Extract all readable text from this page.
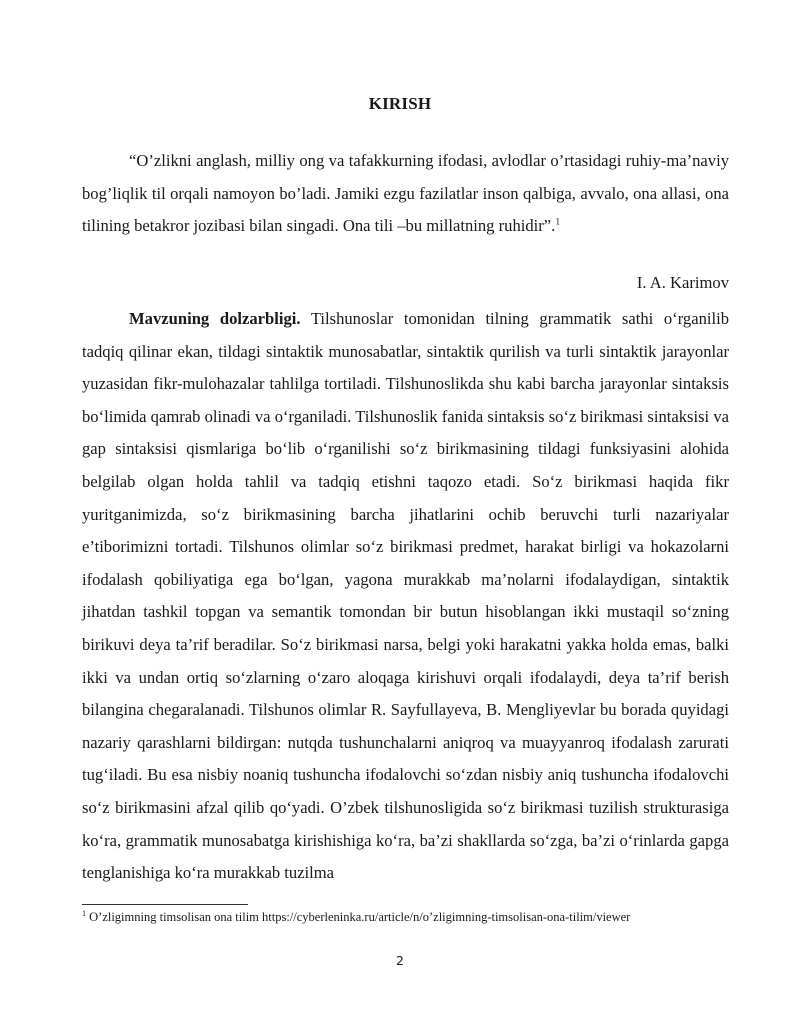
KIRISH

“O’zlikni anglash, milliy ong va tafakkurning ifodasi, avlodlar o’rtasidagi ruhiy-ma’naviy bog’liqlik til orqali namoyon bo’ladi. Jamiki ezgu fazilatlar inson qalbiga, avvalo, ona allasi, ona tilining betakror jozibasi bilan singadi. Ona tili –bu millatning ruhidir”.$^1$

I. A. Karimov

Mavzuning dolzarbligi. Tilshunoslar tomonidan tilning grammatik sathi o‘rganilib tadqiq qilinar ekan, tildagi sintaktik munosabatlar, sintaktik qurilish va turli sintaktik jarayonlar yuzasidan fikr-mulohazalar tahlilga tortiladi. Tilshunoslikda shu kabi barcha jarayonlar sintaksis bo‘limida qamrab olinadi va o‘rganiladi. Tilshunoslik fanida sintaksis so‘z birikmasi sintaksisi va gap sintaksisi qismlariga bo‘lib o‘rganilishi so‘z birikmasining tildagi funksiyasini alohida belgilab olgan holda tahlil va tadqiq etishni taqozo etadi. So‘z birikmasi haqida fikr yuritganimizda, so‘z birikmasining barcha jihatlarini ochib beruvchi turli nazariyalar e’tiborimizni tortadi. Tilshunos olimlar so‘z birikmasi predmet, harakat birligi va hokazolarni ifodalash qobiliyatiga ega bo‘lgan, yagona murakkab ma’nolarni ifodalaydigan, sintaktik jihatdan tashkil topgan va semantik tomondan bir butun hisoblangan ikki mustaqil so‘zning birikuvi deya ta’rif beradilar. So‘z birikmasi narsa, belgi yoki harakatni yakka holda emas, balki ikki va undan ortiq so‘zlarning o‘zaro aloqaga kirishuvi orqali ifodalaydi, deya ta’rif berish bilangina chegaralanadi. Tilshunos olimlar R. Sayfullayeva, B. Mengliyevlar bu borada quyidagi nazariy qarashlarni bildirgan: nutqda tushunchalarni aniqroq va muayyanroq ifodalash zarurati tug‘iladi. Bu esa nisbiy noaniq tushuncha ifodalovchi so‘zdan nisbiy aniq tushuncha ifodalovchi so‘z birikmasini afzal qilib qo‘yadi. O’zbek tilshunosligida so‘z birikmasi tuzilish strukturasiga ko‘ra, grammatik munosabatga kirishishiga ko‘ra, ba’zi shakllarda so‘zga, ba’zi o‘rinlarda gapga tenglanishiga ko‘ra murakkab tuzilma

$^1$ O’zligimning timsolisan ona tilim https://cyberleninka.ru/article/n/o’zligimning-timsolisan-ona-tilim/viewer
2
